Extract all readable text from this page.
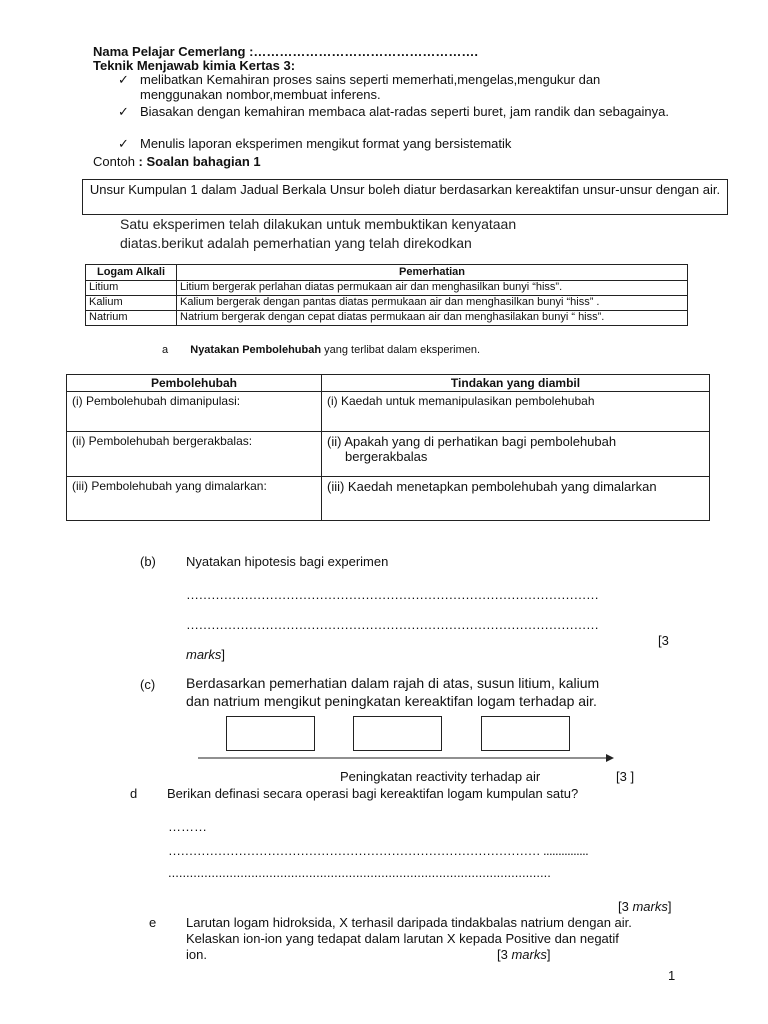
Nama Pelajar Cemerlang :…………………………………………….
Teknik Menjawab kimia Kertas 3:
✓ melibatkan Kemahiran proses sains seperti memerhati,mengelas,mengukur dan menggunakan nombor,membuat inferens.
✓ Biasakan dengan kemahiran membaca alat-radas seperti buret, jam randik dan sebagainya.
✓ Menulis laporan eksperimen mengikut format yang bersistematik
Contoh : Soalan bahagian 1
Satu eksperimen telah dilakukan untuk membuktikan kenyataan
diatas.berikut adalah pemerhatian yang telah direkodkan
Unsur Kumpulan 1 dalam Jadual Berkala Unsur boleh diatur berdasarkan kereaktifan unsur-unsur dengan air.
Logam Alkali	Pemerhatian
Litium	Litium bergerak perlahan diatas permukaan air dan menghasilkan bunyi “hiss”.
Kalium	Kalium bergerak dengan pantas diatas permukaan air dan menghasilkan bunyi “hiss” .
Natrium	Natrium bergerak dengan cepat diatas permukaan air dan menghasilakan bunyi “ hiss”.
a Nyatakan Pembolehubah yang terlibat dalam eksperimen.
Pembolehubah	Tindakan yang diambil
(i) Pembolehubah dimanipulasi:	(i) Kaedah untuk memanipulasikan pembolehubah
(ii) Pembolehubah bergerakbalas:	(ii) Apakah yang di perhatikan bagi pembolehubah bergerakbalas

(iii) Pembolehubah yang dimalarkan:	(iii) Kaedah menetapkan pembolehubah yang dimalarkan
(b) Nyatakan hipotesis bagi experimen
………………………………………………………………………………………
………………………………………………………………………………………
[3
marks]
(c) Berdasarkan pemerhatian dalam rajah di atas, susun litium, kalium
dan natrium mengikut peningkatan kereaktifan logam terhadap air.
Peningkatan reactivity terhadap air	[3 ]
d Berikan definasi secara operasi bagi kereaktifan logam kumpulan satu?
………
……………………………………………………………………………… ...............
..........................................................................................................
[3 marks]
e Larutan logam hidroksida, X terhasil daripada tindakbalas natrium dengan air.
Kelaskan ion-ion yang tedapat dalam larutan X kepada Positive dan negatif
ion.	[3 marks]
1
